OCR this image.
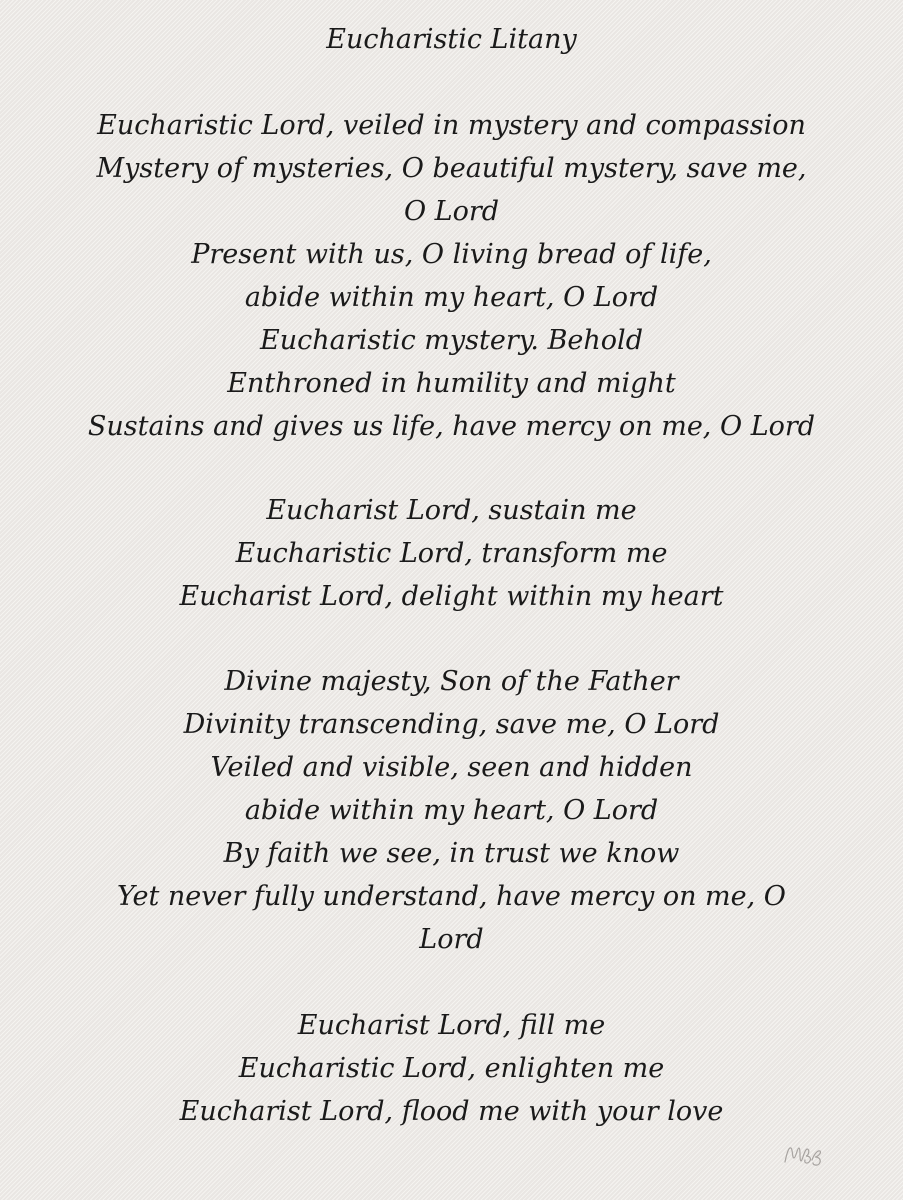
Eucharistic Litany
Eucharistic Lord, veiled in mystery and compassion
Mystery of mysteries, O beautiful mystery, save me,
O Lord
Present with us, O living bread of life,
abide within my heart, O Lord
Eucharistic mystery. Behold
Enthroned in humility and might
Sustains and gives us life, have mercy on me, O Lord
Eucharist Lord, sustain me
Eucharistic Lord, transform me
Eucharist Lord, delight within my heart
Divine majesty, Son of the Father
Divinity transcending, save me, O Lord
Veiled and visible, seen and hidden
abide within my heart, O Lord
By faith we see, in trust we know
Yet never fully understand, have mercy on me, O
Lord
Eucharist Lord, fill me
Eucharistic Lord, enlighten me
Eucharist Lord, flood me with your love
